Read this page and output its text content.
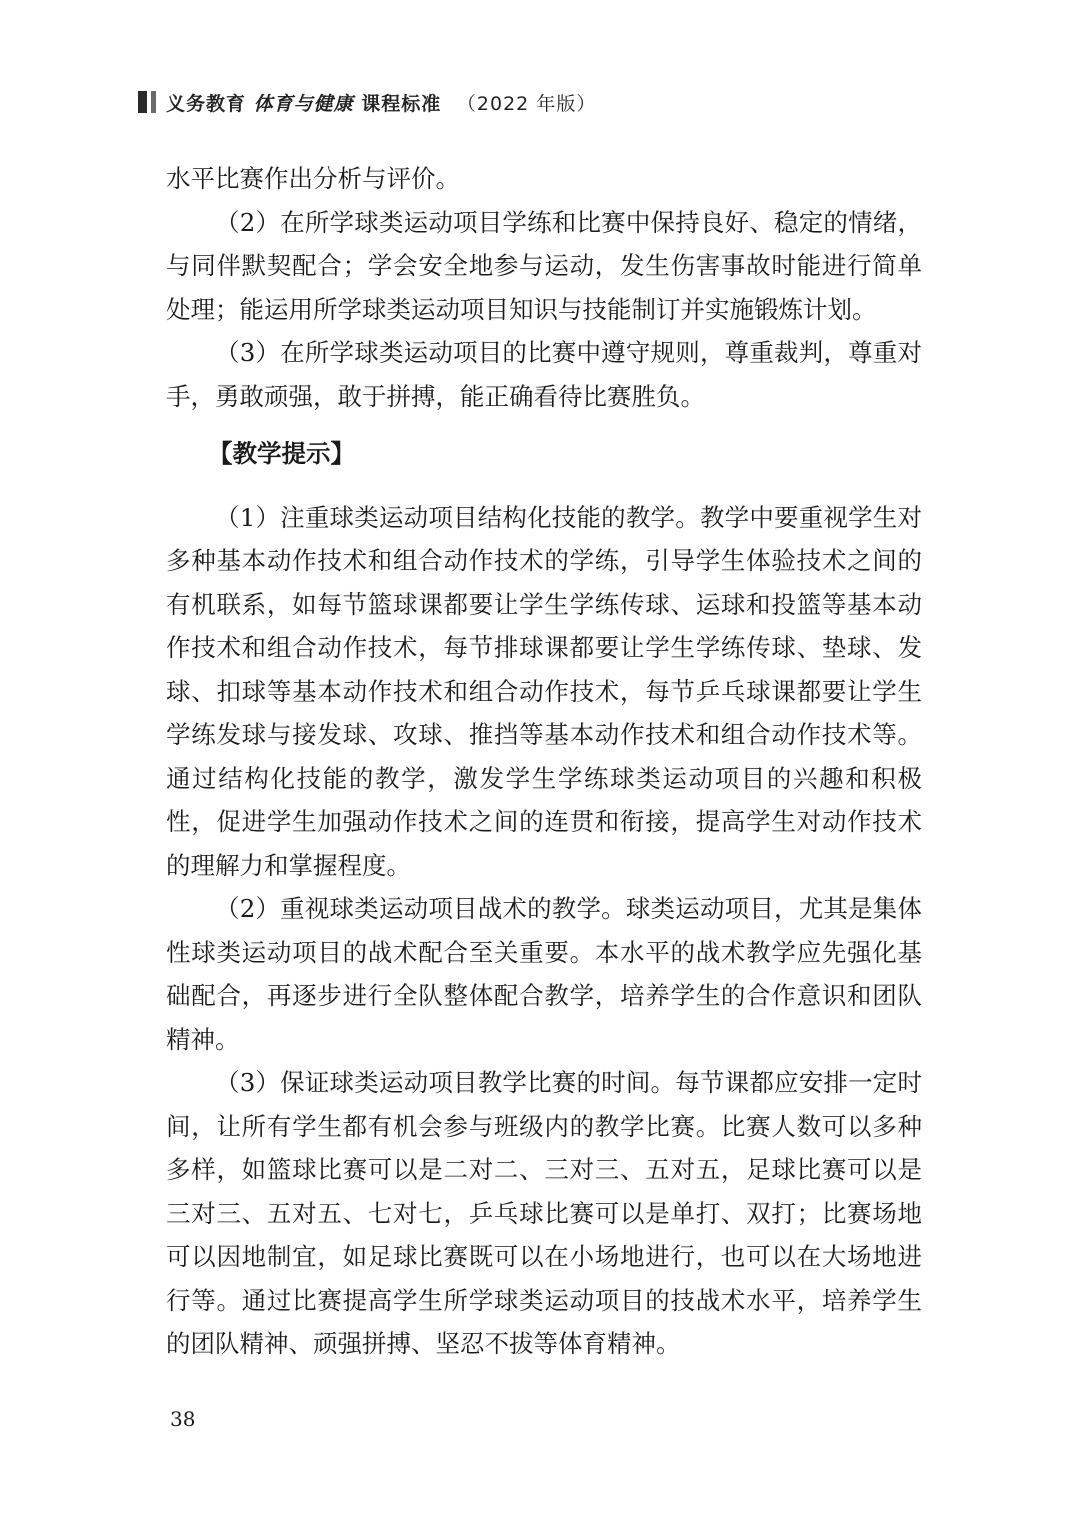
义务教育 体育与健康 课程标准 （2022 年版）
水平比赛作出分析与评价。
（2）在所学球类运动项目学练和比赛中保持良好、稳定的情绪，
与同伴默契配合；学会安全地参与运动，发生伤害事故时能进行简单
处理；能运用所学球类运动项目知识与技能制订并实施锻炼计划。
（3）在所学球类运动项目的比赛中遵守规则，尊重裁判，尊重对
手，勇敢顽强，敢于拼搏，能正确看待比赛胜负。
【教学提示】
（1）注重球类运动项目结构化技能的教学。教学中要重视学生对
多种基本动作技术和组合动作技术的学练，引导学生体验技术之间的
有机联系，如每节篮球课都要让学生学练传球、运球和投篮等基本动
作技术和组合动作技术，每节排球课都要让学生学练传球、垫球、发
球、扣球等基本动作技术和组合动作技术，每节乒乓球课都要让学生
学练发球与接发球、攻球、推挡等基本动作技术和组合动作技术等。
通过结构化技能的教学，激发学生学练球类运动项目的兴趣和积极
性，促进学生加强动作技术之间的连贯和衔接，提高学生对动作技术
的理解力和掌握程度。
（2）重视球类运动项目战术的教学。球类运动项目，尤其是集体
性球类运动项目的战术配合至关重要。本水平的战术教学应先强化基
础配合，再逐步进行全队整体配合教学，培养学生的合作意识和团队
精神。
（3）保证球类运动项目教学比赛的时间。每节课都应安排一定时
间，让所有学生都有机会参与班级内的教学比赛。比赛人数可以多种
多样，如篮球比赛可以是二对二、三对三、五对五，足球比赛可以是
三对三、五对五、七对七，乒乓球比赛可以是单打、双打；比赛场地
可以因地制宜，如足球比赛既可以在小场地进行，也可以在大场地进
行等。通过比赛提高学生所学球类运动项目的技战术水平，培养学生
的团队精神、顽强拼搏、坚忍不拔等体育精神。
38
